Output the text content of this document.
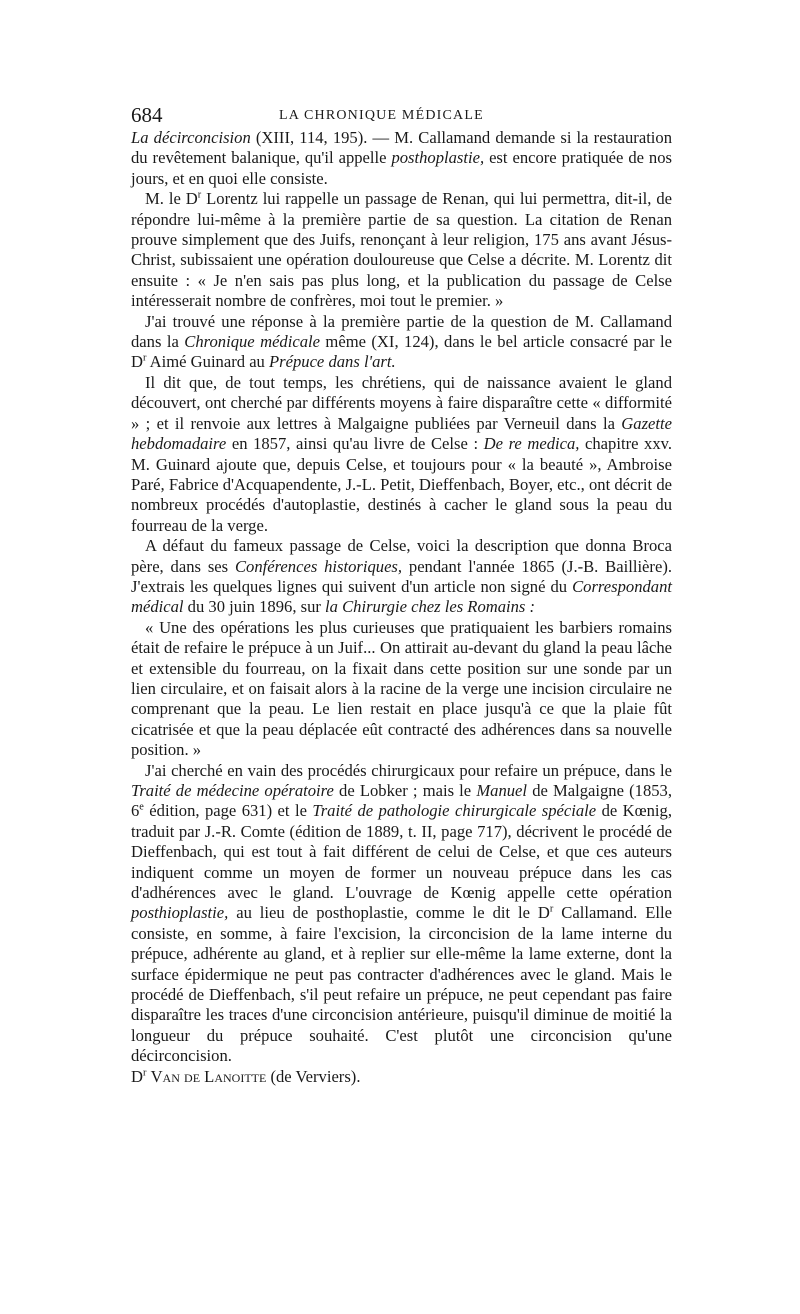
684	LA CHRONIQUE MÉDICALE

La décirconcision (XIII, 114, 195). — M. Callamand demande si la restauration du revêtement balanique, qu'il appelle posthoplastie, est encore pratiquée de nos jours, et en quoi elle consiste.

M. le $D^r$ Lorentz lui rappelle un passage de Renan, qui lui permettra, dit-il, de répondre lui-même à la première partie de sa question. La citation de Renan prouve simplement que des Juifs, renonçant à leur religion, 175 ans avant Jésus-Christ, subissaient une opération douloureuse que Celse a décrite. M. Lorentz dit ensuite : « Je n'en sais pas plus long, et la publication du passage de Celse intéresserait nombre de confrères, moi tout le premier. »

J'ai trouvé une réponse à la première partie de la question de M. Callamand dans la Chronique médicale même (XI, 124), dans le bel article consacré par le $D^r$ Aimé Guinard au Prépuce dans l'art.

Il dit que, de tout temps, les chrétiens, qui de naissance avaient le gland découvert, ont cherché par différents moyens à faire disparaître cette « difformité » ; et il renvoie aux lettres à Malgaigne publiées par Verneuil dans la Gazette hebdomadaire en 1857, ainsi qu'au livre de Celse : De re medica, chapitre xxv. M. Guinard ajoute que, depuis Celse, et toujours pour « la beauté », Ambroise Paré, Fabrice d'Acquapendente, J.-L. Petit, Dieffenbach, Boyer, etc., ont décrit de nombreux procédés d'autoplastie, destinés à cacher le gland sous la peau du fourreau de la verge.

A défaut du fameux passage de Celse, voici la description que donna Broca père, dans ses Conférences historiques, pendant l'année 1865 (J.-B. Baillière). J'extrais les quelques lignes qui suivent d'un article non signé du Correspondant médical du 30 juin 1896, sur la Chirurgie chez les Romains :

« Une des opérations les plus curieuses que pratiquaient les barbiers romains était de refaire le prépuce à un Juif... On attirait au-devant du gland la peau lâche et extensible du fourreau, on la fixait dans cette position sur une sonde par un lien circulaire, et on faisait alors à la racine de la verge une incision circulaire ne comprenant que la peau. Le lien restait en place jusqu'à ce que la plaie fût cicatrisée et que la peau déplacée eût contracté des adhérences dans sa nouvelle position. »

J'ai cherché en vain des procédés chirurgicaux pour refaire un prépuce, dans le Traité de médecine opératoire de Lobker ; mais le Manuel de Malgaigne (1853, 6e édition, page 631) et le Traité de pathologie chirurgicale spéciale de Kœnig, traduit par J.-R. Comte (édition de 1889, t. II, page 717), décrivent le procédé de Dieffenbach, qui est tout à fait différent de celui de Celse, et que ces auteurs indiquent comme un moyen de former un nouveau prépuce dans les cas d'adhérences avec le gland. L'ouvrage de Kœnig appelle cette opération posthioplastie, au lieu de posthoplastie, comme le dit le $D^r$ Callamand. Elle consiste, en somme, à faire l'excision, la circoncision de la lame interne du prépuce, adhérente au gland, et à replier sur elle-même la lame externe, dont la surface épidermique ne peut pas contracter d'adhérences avec le gland. Mais le procédé de Dieffenbach, s'il peut refaire un prépuce, ne peut cependant pas faire disparaître les traces d'une circoncision antérieure, puisqu'il diminue de moitié la longueur du prépuce souhaité. C'est plutôt une circoncision qu'une décirconcision.

$D^r$ Van de Lanoitte (de Verviers).
